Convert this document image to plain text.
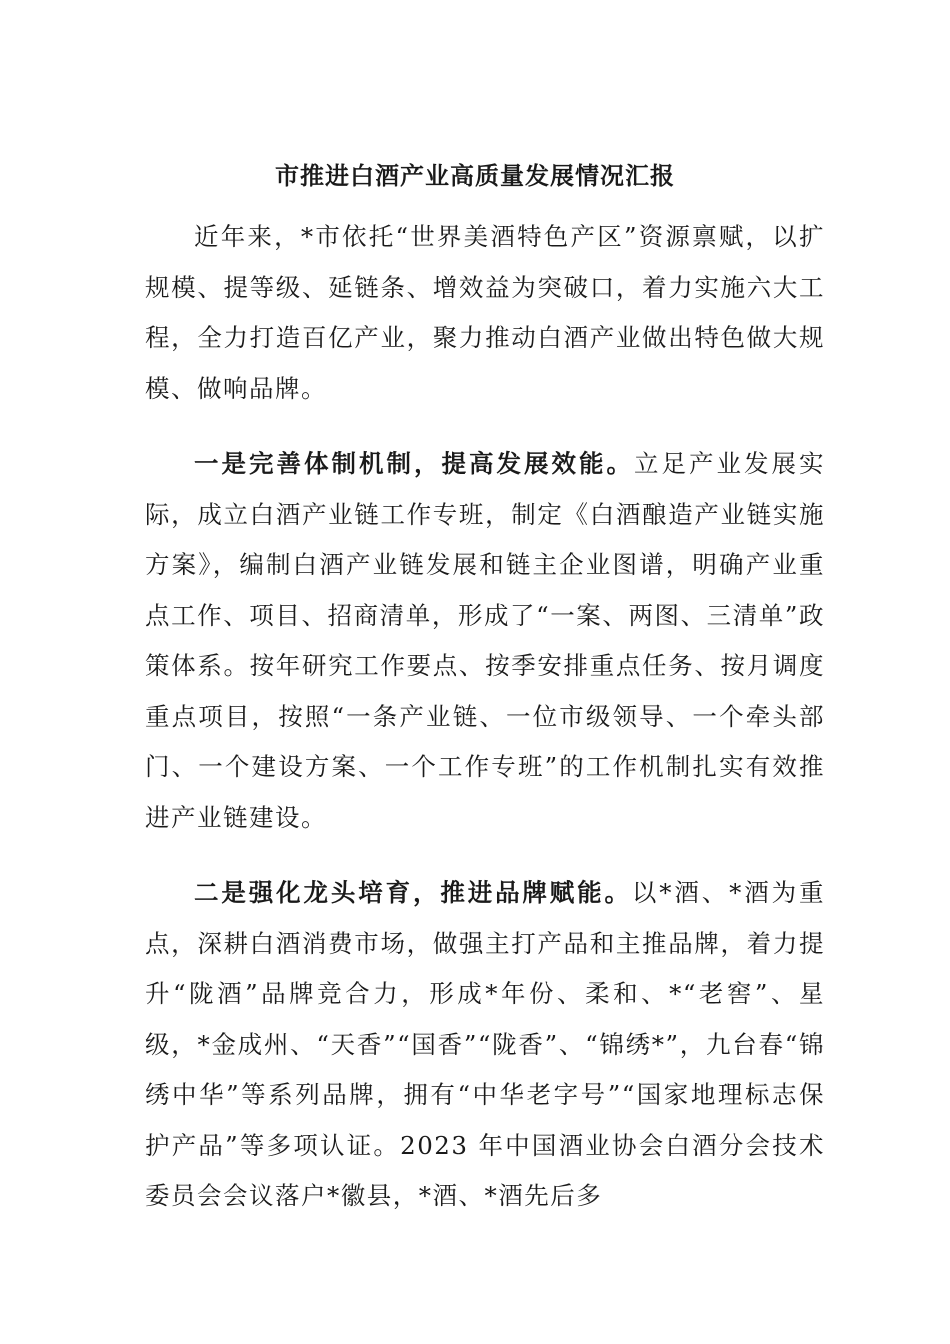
市推进白酒产业高质量发展情况汇报

近年来，*市依托“世界美酒特色产区”资源禀赋，以扩规模、提等级、延链条、增效益为突破口，着力实施六大工程，全力打造百亿产业，聚力推动白酒产业做出特色做大规模、做响品牌。

一是完善体制机制，提高发展效能。立足产业发展实际，成立白酒产业链工作专班，制定《白酒酿造产业链实施方案》，编制白酒产业链发展和链主企业图谱，明确产业重点工作、项目、招商清单，形成了“一案、两图、三清单”政策体系。按年研究工作要点、按季安排重点任务、按月调度重点项目，按照“一条产业链、一位市级领导、一个牵头部门、一个建设方案、一个工作专班”的工作机制扎实有效推进产业链建设。

二是强化龙头培育，推进品牌赋能。以*酒、*酒为重点，深耕白酒消费市场，做强主打产品和主推品牌，着力提升“陇酒”品牌竞合力，形成*年份、柔和、*“老窖”、星级，*金成州、“天香”“国香”“陇香”、“锦绣*”，九台春“锦绣中华”等系列品牌，拥有“中华老字号”“国家地理标志保护产品”等多项认证。2023 年中国酒业协会白酒分会技术委员会会议落户*徽县，*酒、*酒先后多
